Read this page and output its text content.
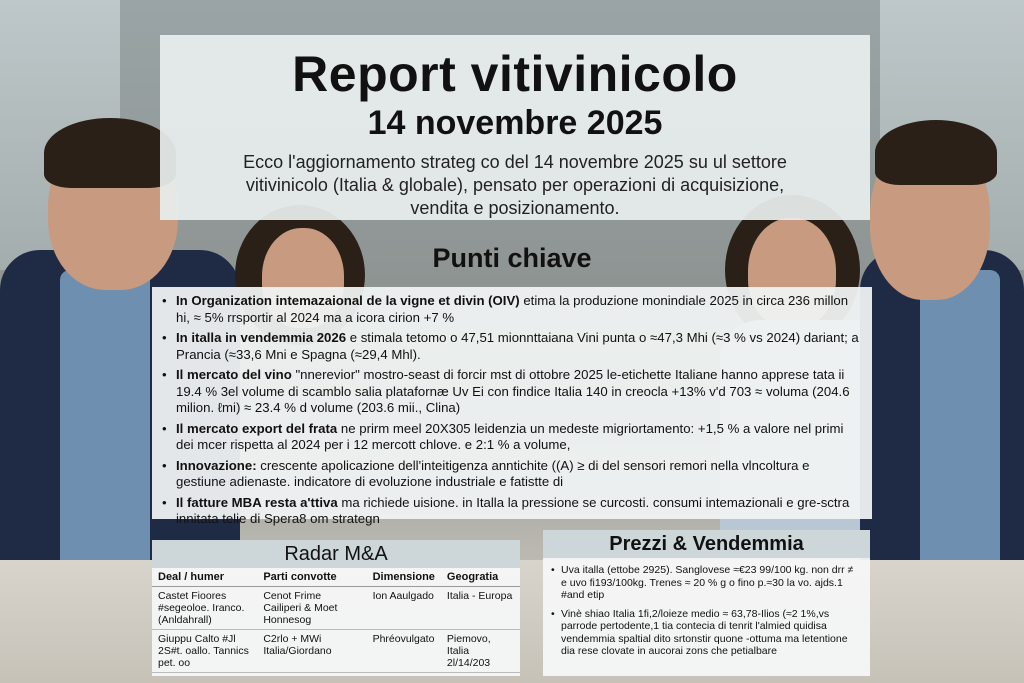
Report vitivinicolo
14 novembre 2025
Ecco l'aggiornamento strateg co del 14 novembre 2025 su ul settore vitivinicolo (Italia & globale), pensato per operazioni di acquisizione, vendita e posizionamento.
Punti chiave
• In Organization intemazaional de la vigne et divin (OIV) etima la produzione monindiale 2025 in circa 236 millon hi, ≈ 5% rrsportir al 2024 ma a icora cirion +7 %
• In italla in vendemmia 2026 e stimala tetomo o 47,51 mionnttaiana Vini punta o ≈47,3 Mhi (≈3 % vs 2024) dariant; a Prancia (≈33,6 Mni e Spagna (≈29,4 Mhl).
• Il mercato del vino "nnerevior" mostro-seast di forcir mst di ottobre 2025 le-etichette Italiane hanno apprese tata ii 19.4 % 3el volume di scamblo salia platafornæ Uv Ei con findice Italia 140 in creocla +13% v'd 703 ≈ voluma (204.6 milion. ℓmi) ≈ 23.4 % d volume (203.6 mii., Clina)
• Il mercato export del frata ne prirm meel 20X305 leidenzia un medeste migriortamento: +1,5 % a valore nel primi dei mcer rispetta al 2024 per i 12 mercott chlove. e 2:1 % a volume,
• Innovazione: crescente apolicazione dell'inteitigenza anntichite ((A) ≥ di del sensori remori nella vlncoltura e gestiune adienaste. indicatore di evoluzione industriale e fatistte di
• Il fatture MBA resta a'ttiva ma richiede uisione. in Italla la pressione se curcosti. consumi intemazionali e gre-sctra innitata telie di Spera8 om strategn
Radar M&A
Deal / humer	Parti convotte	Dimensione	Geogratia
Castet Fioores #segeoloe. Iranco. (Anldahrall)	Cenot Frime Cailiperi & Moet Honnesog	Ion Aaulgado	Italia - Europa
Giuppu Calto #Jl 2S#t. oallo. Tannics pet. oo	C2rlo + MWi Italia/Giordano	Phréovulgato	Piemovo, Italia 2l/14/203
Prezzi & Vendemmia
• Uva italla (ettobe 2925). Sanglovese ≈€23 99/100 kg. non drr ≠ e uvo fi193/100kg. Trenes ≈ 20 % g o fino p.≈30 la vo. ajds.1 #and etip
• Vinè shiao Italia 1fi,2/loieze medio ≈ 63,78-Ilios (≈2 1%,vs parrode pertodente,1 tia contecia di tenrit l'almied quidisa vendemmia spaltial dito srtonstir quone -ottuma ma letentione dia rese clovate in aucorai zons che petialbare
